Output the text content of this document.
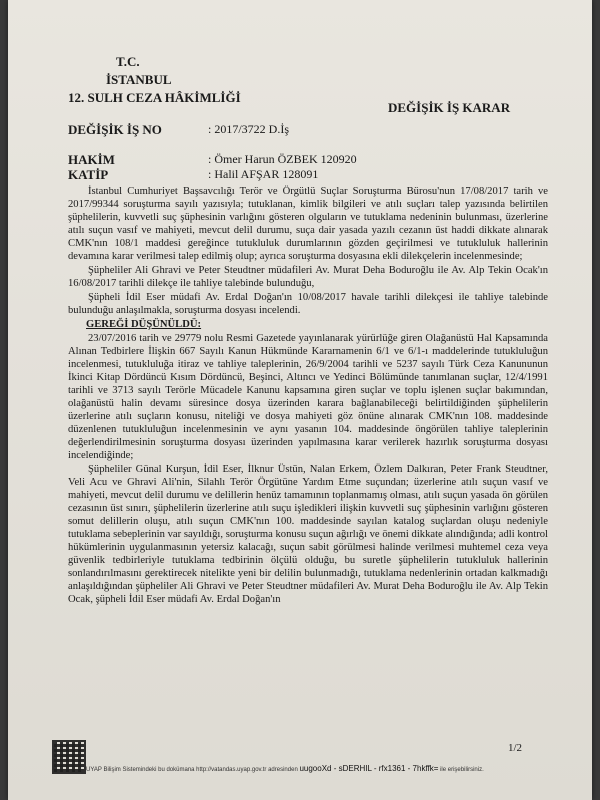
T.C.
İSTANBUL
12. SULH CEZA HÂKİMLİĞİ
DEĞİŞİK İŞ KARAR
DEĞİŞİK İŞ NO	: 2017/3722 D.İş
HAKİM	: Ömer Harun ÖZBEK 120920
KATİP	: Halil AFŞAR 128091

İstanbul Cumhuriyet Başsavcılığı Terör ve Örgütlü Suçlar Soruşturma Bürosu'nun 17/08/2017 tarih ve 2017/99344 soruşturma sayılı yazısıyla; tutuklanan, kimlik bilgileri ve atılı suçları talep yazısında belirtilen şüphelilerin, kuvvetli suç şüphesinin varlığını gösteren olguların ve tutuklama nedeninin bulunması, üzerlerine atılı suçun vasıf ve mahiyeti, mevcut delil durumu, suça dair yasada yazılı cezanın üst haddi dikkate alınarak CMK'nın 108/1 maddesi gereğince tutukluluk durumlarının gözden geçirilmesi ve tutukluluk hallerinin devamına karar verilmesi talep edilmiş olup; ayrıca soruşturma dosyasına ekli dilekçelerin incelenmesinde;

Şüpheliler Ali Ghravi ve Peter Steudtner müdafileri Av. Murat Deha Boduroğlu ile Av. Alp Tekin Ocak'ın 16/08/2017 tarihli dilekçe ile tahliye talebinde bulunduğu,

Şüpheli İdil Eser müdafi Av. Erdal Doğan'ın 10/08/2017 havale tarihli dilekçesi ile tahliye talebinde bulunduğu anlaşılmakla, soruşturma dosyası incelendi.

GEREĞİ DÜŞÜNÜLDÜ:

23/07/2016 tarih ve 29779 nolu Resmi Gazetede yayınlanarak yürürlüğe giren Olağanüstü Hal Kapsamında Alınan Tedbirlere İlişkin 667 Sayılı Kanun Hükmünde Kararnamenin 6/1 ve 6/1-ı maddelerinde tutukluluğun incelenmesi, tutukluluğa itiraz ve tahliye taleplerinin, 26/9/2004 tarihli ve 5237 sayılı Türk Ceza Kanununun İkinci Kitap Dördüncü Kısım Dördüncü, Beşinci, Altıncı ve Yedinci Bölümünde tanımlanan suçlar, 12/4/1991 tarihli ve 3713 sayılı Terörle Mücadele Kanunu kapsamına giren suçlar ve toplu işlenen suçlar bakımından, olağanüstü halin devamı süresince dosya üzerinden karara bağlanabileceği belirtildiğinden şüphelilerin üzerlerine atılı suçların konusu, niteliği ve dosya mahiyeti göz önüne alınarak CMK'nın 108. maddesinde düzenlenen tutukluluğun incelenmesinin ve aynı yasanın 104. maddesinde öngörülen tahliye taleplerinin değerlendirilmesinin soruşturma dosyası üzerinden yapılmasına karar verilerek hazırlık soruşturma dosyası incelendiğinde;

Şüpheliler Günal Kurşun, İdil Eser, İlknur Üstün, Nalan Erkem, Özlem Dalkıran, Peter Frank Steudtner, Veli Acu ve Ghravi Ali'nin, Silahlı Terör Örgütüne Yardım Etme suçundan; üzerlerine atılı suçun vasıf ve mahiyeti, mevcut delil durumu ve delillerin henüz tamamının toplanmamış olması, atılı suçun yasada ön görülen cezasının üst sınırı, şüphelilerin üzerlerine atılı suçu işledikleri ilişkin kuvvetli suç şüphesinin varlığını gösteren somut delillerin oluşu, atılı suçun CMK'nın 100. maddesinde sayılan katalog suçlardan oluşu nedeniyle tutuklama sebeplerinin var sayıldığı, soruşturma konusu suçun ağırlığı ve önemi dikkate alındığında; adli kontrol hükümlerinin uygulanmasının yetersiz kalacağı, suçun sabit görülmesi halinde verilmesi muhtemel ceza veya güvenlik tedbirleriyle tutuklama tedbirinin ölçülü olduğu, bu suretle şüphelilerin tutukluluk hallerinin sonlandırılmasını gerektirecek nitelikte yeni bir delilin bulunmadığı, tutuklama nedenlerinin ortadan kalkmadığı anlaşıldığından şüpheliler Ali Ghravi ve Peter Steudtner müdafileri Av. Murat Deha Boduroğlu ile Av. Alp Tekin Ocak, şüpheli İdil Eser müdafi Av. Erdal Doğan'ın

1/2
UYAP Bilişim Sistemindeki bu dokümana http://vatandas.uyap.gov.tr adresinden uugooXd - sDERHIL - rfx1361 - 7hkffk= ile erişebilirsiniz.
